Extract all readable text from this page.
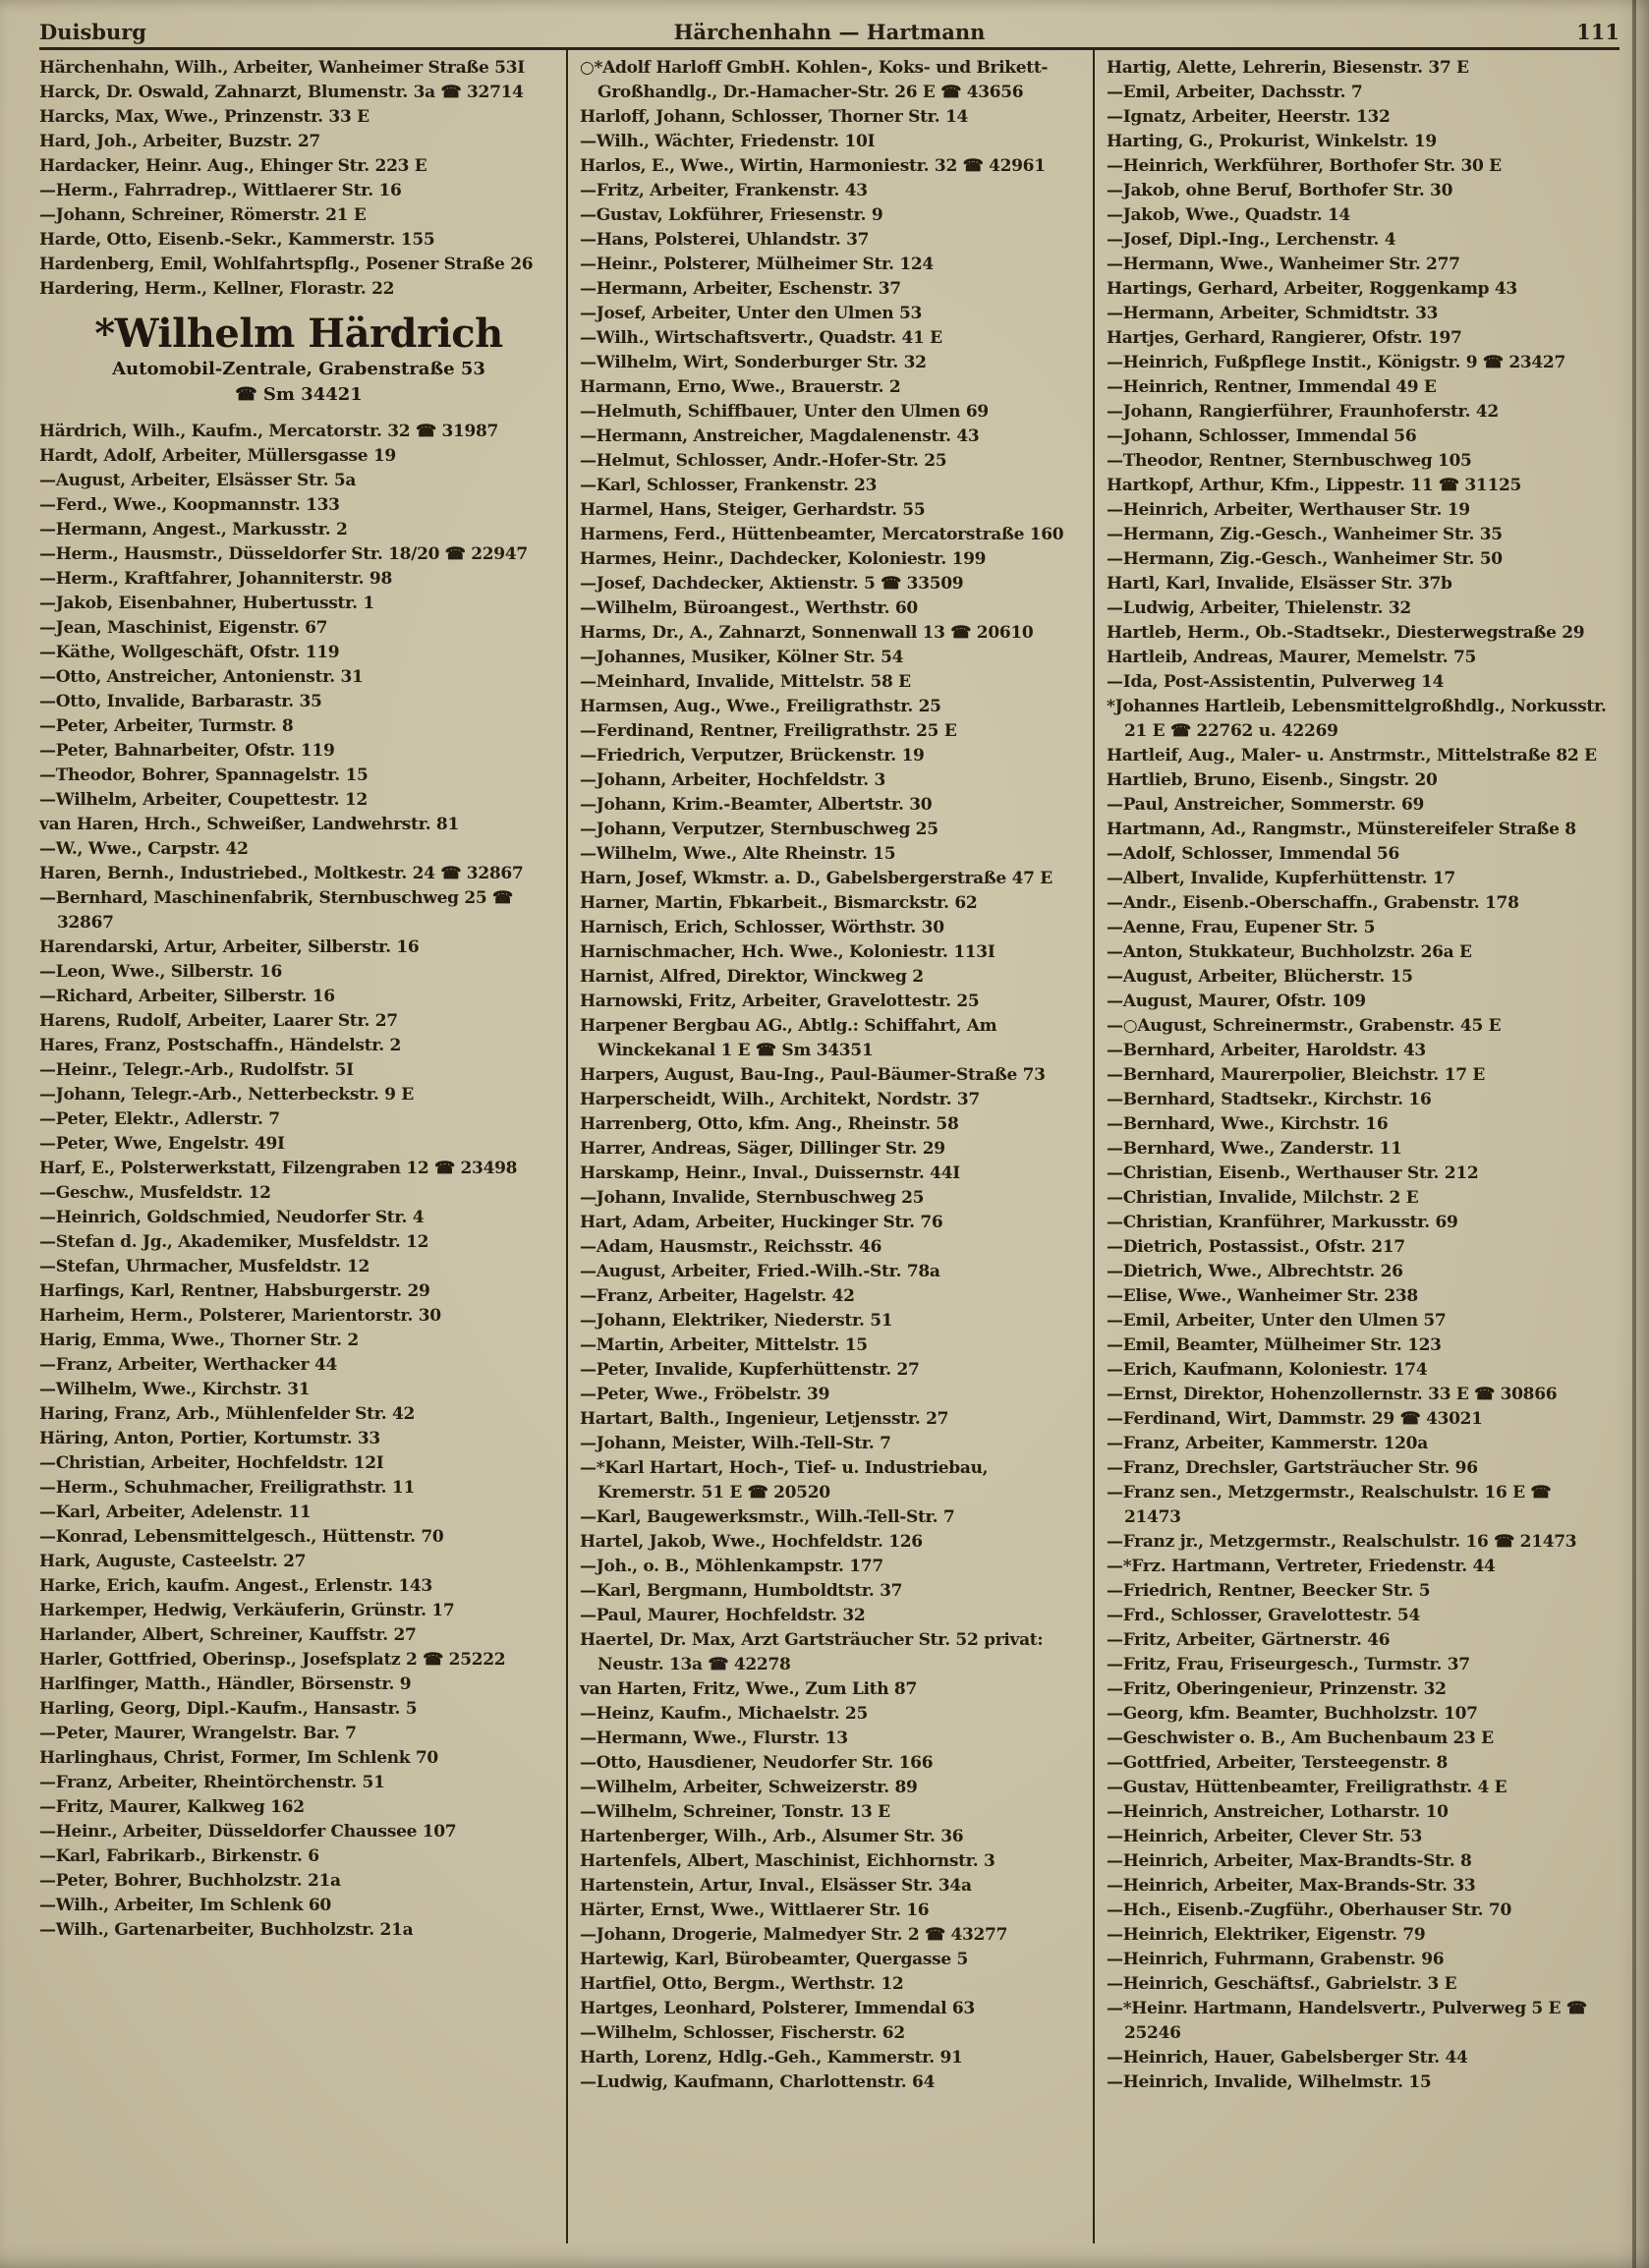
Duisburg	Härchenhahn — Hartmann	111

Härchenhahn, Wilh., Arbeiter, Wanheimer Straße 53I

Harck, Dr. Oswald, Zahnarzt, Blumenstr. 3a ☎ 32714

Harcks, Max, Wwe., Prinzenstr. 33 E

Hard, Joh., Arbeiter, Buzstr. 27

Hardacker, Heinr. Aug., Ehinger Str. 223 E

—Herm., Fahrradrep., Wittlaerer Str. 16

—Johann, Schreiner, Römerstr. 21 E

Harde, Otto, Eisenb.-Sekr., Kammerstr. 155

Hardenberg, Emil, Wohlfahrtspflg., Posener Straße 26

Hardering, Herm., Kellner, Florastr. 22

*Wilhelm Härdrich
Automobil-Zentrale, Grabenstraße 53
☎ Sm 34421

Härdrich, Wilh., Kaufm., Mercatorstr. 32 ☎ 31987

Hardt, Adolf, Arbeiter, Müllersgasse 19

—August, Arbeiter, Elsässer Str. 5a

—Ferd., Wwe., Koopmannstr. 133

—Hermann, Angest., Markusstr. 2

—Herm., Hausmstr., Düsseldorfer Str. 18/20 ☎ 22947

—Herm., Kraftfahrer, Johanniterstr. 98

—Jakob, Eisenbahner, Hubertusstr. 1

—Jean, Maschinist, Eigenstr. 67

—Käthe, Wollgeschäft, Ofstr. 119

—Otto, Anstreicher, Antonienstr. 31

—Otto, Invalide, Barbarastr. 35

—Peter, Arbeiter, Turmstr. 8

—Peter, Bahnarbeiter, Ofstr. 119

—Theodor, Bohrer, Spannagelstr. 15

—Wilhelm, Arbeiter, Coupettestr. 12

van Haren, Hrch., Schweißer, Landwehrstr. 81

—W., Wwe., Carpstr. 42

Haren, Bernh., Industriebed., Moltkestr. 24 ☎ 32867

—Bernhard, Maschinenfabrik, Sternbuschweg 25 ☎ 32867

Harendarski, Artur, Arbeiter, Silberstr. 16

—Leon, Wwe., Silberstr. 16

—Richard, Arbeiter, Silberstr. 16

Harens, Rudolf, Arbeiter, Laarer Str. 27

Hares, Franz, Postschaffn., Händelstr. 2

—Heinr., Telegr.-Arb., Rudolfstr. 5I

—Johann, Telegr.-Arb., Netterbeckstr. 9 E

—Peter, Elektr., Adlerstr. 7

—Peter, Wwe, Engelstr. 49I

Harf, E., Polsterwerkstatt, Filzengraben 12 ☎ 23498

—Geschw., Musfeldstr. 12

—Heinrich, Goldschmied, Neudorfer Str. 4

—Stefan d. Jg., Akademiker, Musfeldstr. 12

—Stefan, Uhrmacher, Musfeldstr. 12

Harfings, Karl, Rentner, Habsburgerstr. 29

Harheim, Herm., Polsterer, Marientorstr. 30

Harig, Emma, Wwe., Thorner Str. 2

—Franz, Arbeiter, Werthacker 44

—Wilhelm, Wwe., Kirchstr. 31

Haring, Franz, Arb., Mühlenfelder Str. 42

Häring, Anton, Portier, Kortumstr. 33

—Christian, Arbeiter, Hochfeldstr. 12I

—Herm., Schuhmacher, Freiligrathstr. 11

—Karl, Arbeiter, Adelenstr. 11

—Konrad, Lebensmittelgesch., Hüttenstr. 70

Hark, Auguste, Casteelstr. 27

Harke, Erich, kaufm. Angest., Erlenstr. 143

Harkemper, Hedwig, Verkäuferin, Grünstr. 17

Harlander, Albert, Schreiner, Kauffstr. 27

Harler, Gottfried, Oberinsp., Josefsplatz 2 ☎ 25222

Harlfinger, Matth., Händler, Börsenstr. 9

Harling, Georg, Dipl.-Kaufm., Hansastr. 5

—Peter, Maurer, Wrangelstr. Bar. 7

Harlinghaus, Christ, Former, Im Schlenk 70

—Franz, Arbeiter, Rheintörchenstr. 51

—Fritz, Maurer, Kalkweg 162

—Heinr., Arbeiter, Düsseldorfer Chaussee 107

—Karl, Fabrikarb., Birkenstr. 6

—Peter, Bohrer, Buchholzstr. 21a

—Wilh., Arbeiter, Im Schlenk 60

—Wilh., Gartenarbeiter, Buchholzstr. 21a

○*Adolf Harloff GmbH. Kohlen-, Koks- und Brikett-Großhandlg., Dr.-Hamacher-Str. 26 E ☎ 43656

Harloff, Johann, Schlosser, Thorner Str. 14

—Wilh., Wächter, Friedenstr. 10I

Harlos, E., Wwe., Wirtin, Harmoniestr. 32 ☎ 42961

—Fritz, Arbeiter, Frankenstr. 43

—Gustav, Lokführer, Friesenstr. 9

—Hans, Polsterei, Uhlandstr. 37

—Heinr., Polsterer, Mülheimer Str. 124

—Hermann, Arbeiter, Eschenstr. 37

—Josef, Arbeiter, Unter den Ulmen 53

—Wilh., Wirtschaftsvertr., Quadstr. 41 E

—Wilhelm, Wirt, Sonderburger Str. 32

Harmann, Erno, Wwe., Brauerstr. 2

—Helmuth, Schiffbauer, Unter den Ulmen 69

—Hermann, Anstreicher, Magdalenenstr. 43

—Helmut, Schlosser, Andr.-Hofer-Str. 25

—Karl, Schlosser, Frankenstr. 23

Harmel, Hans, Steiger, Gerhardstr. 55

Harmens, Ferd., Hüttenbeamter, Mercatorstraße 160

Harmes, Heinr., Dachdecker, Koloniestr. 199

—Josef, Dachdecker, Aktienstr. 5 ☎ 33509

—Wilhelm, Büroangest., Werthstr. 60

Harms, Dr., A., Zahnarzt, Sonnenwall 13 ☎ 20610

—Johannes, Musiker, Kölner Str. 54

—Meinhard, Invalide, Mittelstr. 58 E

Harmsen, Aug., Wwe., Freiligrathstr. 25

—Ferdinand, Rentner, Freiligrathstr. 25 E

—Friedrich, Verputzer, Brückenstr. 19

—Johann, Arbeiter, Hochfeldstr. 3

—Johann, Krim.-Beamter, Albertstr. 30

—Johann, Verputzer, Sternbuschweg 25

—Wilhelm, Wwe., Alte Rheinstr. 15

Harn, Josef, Wkmstr. a. D., Gabelsbergerstraße 47 E

Harner, Martin, Fbkarbeit., Bismarckstr. 62

Harnisch, Erich, Schlosser, Wörthstr. 30

Harnischmacher, Hch. Wwe., Koloniestr. 113I

Harnist, Alfred, Direktor, Winckweg 2

Harnowski, Fritz, Arbeiter, Gravelottestr. 25

Harpener Bergbau AG., Abtlg.: Schiffahrt, Am Winckekanal 1 E ☎ Sm 34351

Harpers, August, Bau-Ing., Paul-Bäumer-Straße 73

Harperscheidt, Wilh., Architekt, Nordstr. 37

Harrenberg, Otto, kfm. Ang., Rheinstr. 58

Harrer, Andreas, Säger, Dillinger Str. 29

Harskamp, Heinr., Inval., Duissernstr. 44I

—Johann, Invalide, Sternbuschweg 25

Hart, Adam, Arbeiter, Huckinger Str. 76

—Adam, Hausmstr., Reichsstr. 46

—August, Arbeiter, Fried.-Wilh.-Str. 78a

—Franz, Arbeiter, Hagelstr. 42

—Johann, Elektriker, Niederstr. 51

—Martin, Arbeiter, Mittelstr. 15

—Peter, Invalide, Kupferhüttenstr. 27

—Peter, Wwe., Fröbelstr. 39

Hartart, Balth., Ingenieur, Letjensstr. 27

—Johann, Meister, Wilh.-Tell-Str. 7

—*Karl Hartart, Hoch-, Tief- u. Industriebau, Kremerstr. 51 E ☎ 20520

—Karl, Baugewerksmstr., Wilh.-Tell-Str. 7

Hartel, Jakob, Wwe., Hochfeldstr. 126

—Joh., o. B., Möhlenkampstr. 177

—Karl, Bergmann, Humboldtstr. 37

—Paul, Maurer, Hochfeldstr. 32

Haertel, Dr. Max, Arzt Gartsträucher Str. 52 privat: Neustr. 13a ☎ 42278

van Harten, Fritz, Wwe., Zum Lith 87

—Heinz, Kaufm., Michaelstr. 25

—Hermann, Wwe., Flurstr. 13

—Otto, Hausdiener, Neudorfer Str. 166

—Wilhelm, Arbeiter, Schweizerstr. 89

—Wilhelm, Schreiner, Tonstr. 13 E

Hartenberger, Wilh., Arb., Alsumer Str. 36

Hartenfels, Albert, Maschinist, Eichhornstr. 3

Hartenstein, Artur, Inval., Elsässer Str. 34a

Härter, Ernst, Wwe., Wittlaerer Str. 16

—Johann, Drogerie, Malmedyer Str. 2 ☎ 43277

Hartewig, Karl, Bürobeamter, Quergasse 5

Hartfiel, Otto, Bergm., Werthstr. 12

Hartges, Leonhard, Polsterer, Immendal 63

—Wilhelm, Schlosser, Fischerstr. 62

Harth, Lorenz, Hdlg.-Geh., Kammerstr. 91

—Ludwig, Kaufmann, Charlottenstr. 64

Hartig, Alette, Lehrerin, Biesenstr. 37 E

—Emil, Arbeiter, Dachsstr. 7

—Ignatz, Arbeiter, Heerstr. 132

Harting, G., Prokurist, Winkelstr. 19

—Heinrich, Werkführer, Borthofer Str. 30 E

—Jakob, ohne Beruf, Borthofer Str. 30

—Jakob, Wwe., Quadstr. 14

—Josef, Dipl.-Ing., Lerchenstr. 4

—Hermann, Wwe., Wanheimer Str. 277

Hartings, Gerhard, Arbeiter, Roggenkamp 43

—Hermann, Arbeiter, Schmidtstr. 33

Hartjes, Gerhard, Rangierer, Ofstr. 197

—Heinrich, Fußpflege Instit., Königstr. 9 ☎ 23427

—Heinrich, Rentner, Immendal 49 E

—Johann, Rangierführer, Fraunhoferstr. 42

—Johann, Schlosser, Immendal 56

—Theodor, Rentner, Sternbuschweg 105

Hartkopf, Arthur, Kfm., Lippestr. 11 ☎ 31125

—Heinrich, Arbeiter, Werthauser Str. 19

—Hermann, Zig.-Gesch., Wanheimer Str. 35

—Hermann, Zig.-Gesch., Wanheimer Str. 50

Hartl, Karl, Invalide, Elsässer Str. 37b

—Ludwig, Arbeiter, Thielenstr. 32

Hartleb, Herm., Ob.-Stadtsekr., Diesterwegstraße 29

Hartleib, Andreas, Maurer, Memelstr. 75

—Ida, Post-Assistentin, Pulverweg 14

*Johannes Hartleib, Lebensmittelgroßhdlg., Norkusstr. 21 E ☎ 22762 u. 42269

Hartleif, Aug., Maler- u. Anstrmstr., Mittelstraße 82 E

Hartlieb, Bruno, Eisenb., Singstr. 20

—Paul, Anstreicher, Sommerstr. 69

Hartmann, Ad., Rangmstr., Münstereifeler Straße 8

—Adolf, Schlosser, Immendal 56

—Albert, Invalide, Kupferhüttenstr. 17

—Andr., Eisenb.-Oberschaffn., Grabenstr. 178

—Aenne, Frau, Eupener Str. 5

—Anton, Stukkateur, Buchholzstr. 26a E

—August, Arbeiter, Blücherstr. 15

—August, Maurer, Ofstr. 109

—○August, Schreinermstr., Grabenstr. 45 E

—Bernhard, Arbeiter, Haroldstr. 43

—Bernhard, Maurerpolier, Bleichstr. 17 E

—Bernhard, Stadtsekr., Kirchstr. 16

—Bernhard, Wwe., Kirchstr. 16

—Bernhard, Wwe., Zanderstr. 11

—Christian, Eisenb., Werthauser Str. 212

—Christian, Invalide, Milchstr. 2 E

—Christian, Kranführer, Markusstr. 69

—Dietrich, Postassist., Ofstr. 217

—Dietrich, Wwe., Albrechtstr. 26

—Elise, Wwe., Wanheimer Str. 238

—Emil, Arbeiter, Unter den Ulmen 57

—Emil, Beamter, Mülheimer Str. 123

—Erich, Kaufmann, Koloniestr. 174

—Ernst, Direktor, Hohenzollernstr. 33 E ☎ 30866

—Ferdinand, Wirt, Dammstr. 29 ☎ 43021

—Franz, Arbeiter, Kammerstr. 120a

—Franz, Drechsler, Gartsträucher Str. 96

—Franz sen., Metzgermstr., Realschulstr. 16 E ☎ 21473

—Franz jr., Metzgermstr., Realschulstr. 16 ☎ 21473

—*Frz. Hartmann, Vertreter, Friedenstr. 44

—Friedrich, Rentner, Beecker Str. 5

—Frd., Schlosser, Gravelottestr. 54

—Fritz, Arbeiter, Gärtnerstr. 46

—Fritz, Frau, Friseurgesch., Turmstr. 37

—Fritz, Oberingenieur, Prinzenstr. 32

—Georg, kfm. Beamter, Buchholzstr. 107

—Geschwister o. B., Am Buchenbaum 23 E

—Gottfried, Arbeiter, Tersteegenstr. 8

—Gustav, Hüttenbeamter, Freiligrathstr. 4 E

—Heinrich, Anstreicher, Lotharstr. 10

—Heinrich, Arbeiter, Clever Str. 53

—Heinrich, Arbeiter, Max-Brandts-Str. 8

—Heinrich, Arbeiter, Max-Brands-Str. 33

—Hch., Eisenb.-Zugführ., Oberhauser Str. 70

—Heinrich, Elektriker, Eigenstr. 79

—Heinrich, Fuhrmann, Grabenstr. 96

—Heinrich, Geschäftsf., Gabrielstr. 3 E

—*Heinr. Hartmann, Handelsvertr., Pulverweg 5 E ☎ 25246

—Heinrich, Hauer, Gabelsberger Str. 44

—Heinrich, Invalide, Wilhelmstr. 15
